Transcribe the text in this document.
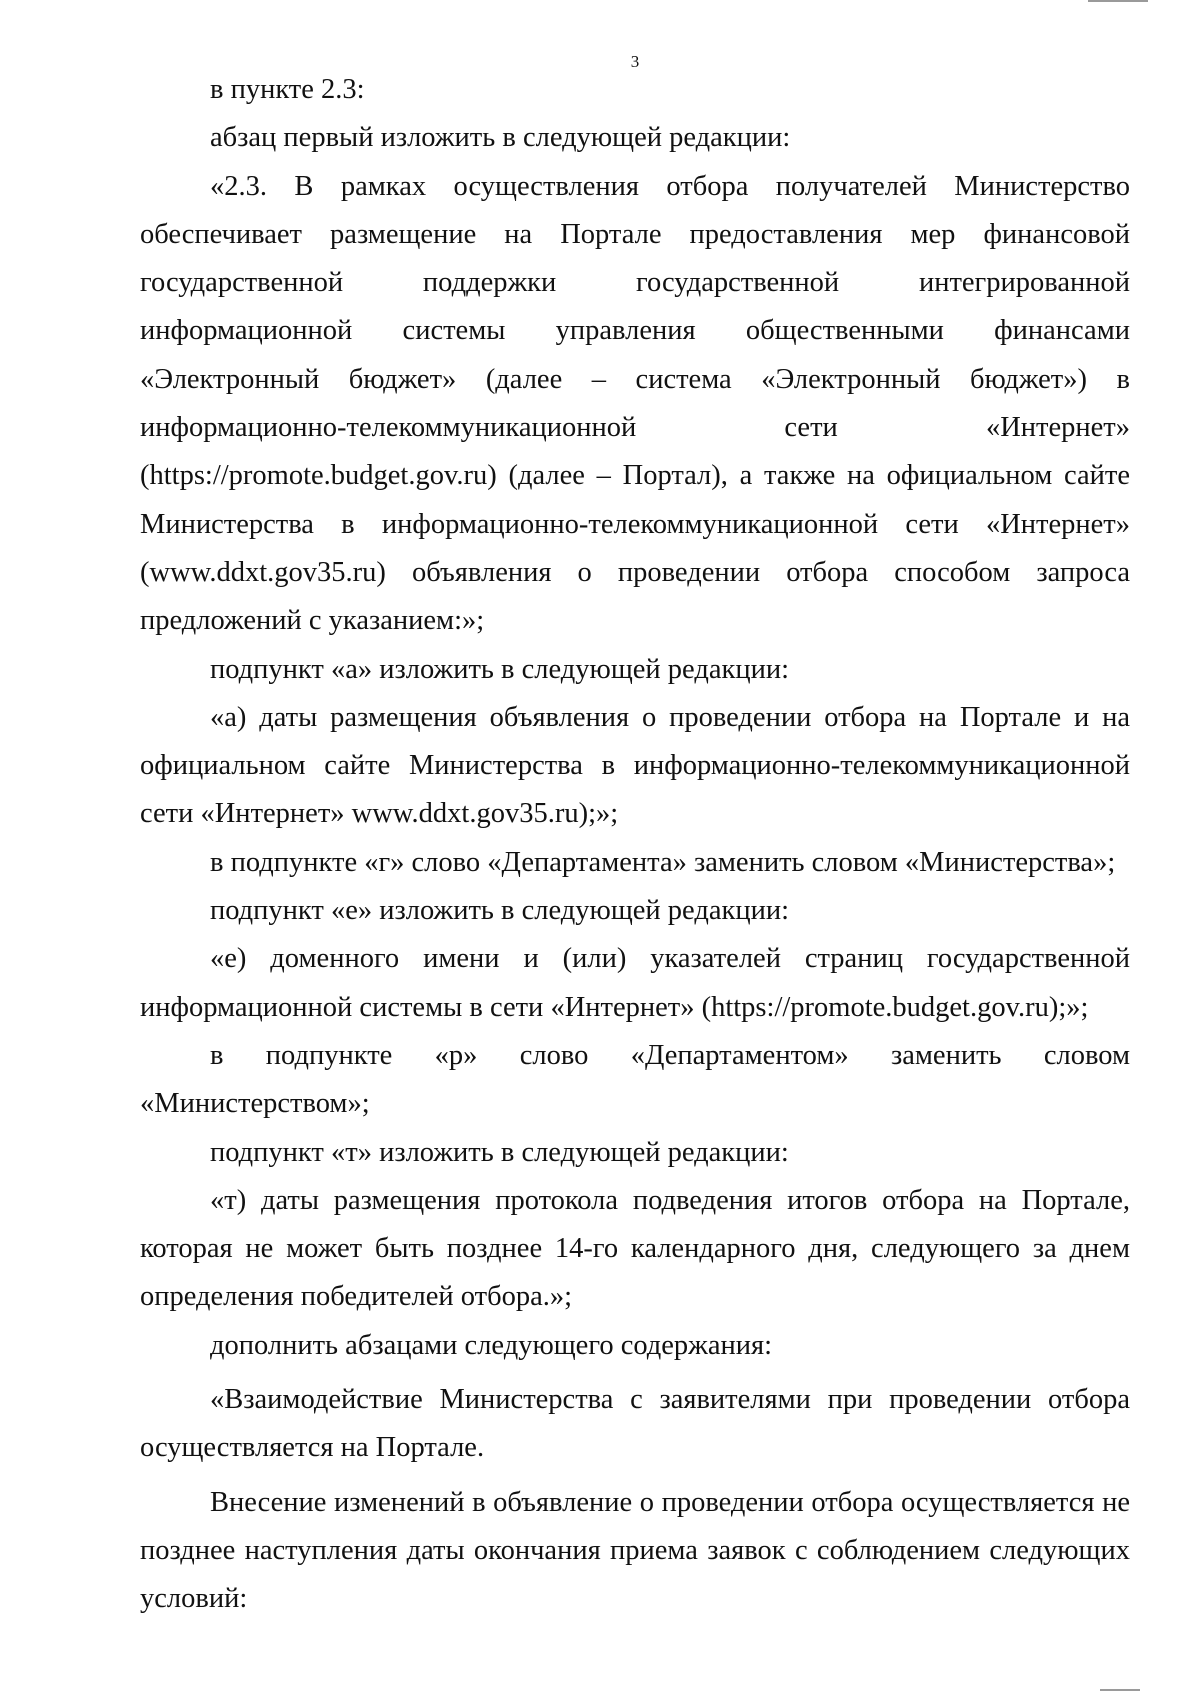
3

в пункте 2.3:

абзац первый изложить в следующей редакции:

«2.3. В рамках осуществления отбора получателей Министерство обеспечивает размещение на Портале предоставления мер финансовой государственной поддержки государственной интегрированной информационной системы управления общественными финансами «Электронный бюджет» (далее – система «Электронный бюджет») в информационно-телекоммуникационной сети «Интернет» (https://promote.budget.gov.ru) (далее – Портал), а также на официальном сайте Министерства в информационно-телекоммуникационной сети «Интернет» (www.ddxt.gov35.ru) объявления о проведении отбора способом запроса предложений с указанием:»;

подпункт «а» изложить в следующей редакции:

«а) даты размещения объявления о проведении отбора на Портале и на официальном сайте Министерства в информационно-телекоммуникационной сети «Интернет» www.ddxt.gov35.ru);»;

в подпункте «г» слово «Департамента» заменить словом «Министерства»;

подпункт «е» изложить в следующей редакции:

«е) доменного имени и (или) указателей страниц государственной информационной системы в сети «Интернет» (https://promote.budget.gov.ru);»;

в подпункте «р» слово «Департаментом» заменить словом «Министерством»;

подпункт «т» изложить в следующей редакции:

«т) даты размещения протокола подведения итогов отбора на Портале, которая не может быть позднее 14-го календарного дня, следующего за днем определения победителей отбора.»;

дополнить абзацами следующего содержания:

«Взаимодействие Министерства с заявителями при проведении отбора осуществляется на Портале.

Внесение изменений в объявление о проведении отбора осуществляется не позднее наступления даты окончания приема заявок с соблюдением следующих условий:
